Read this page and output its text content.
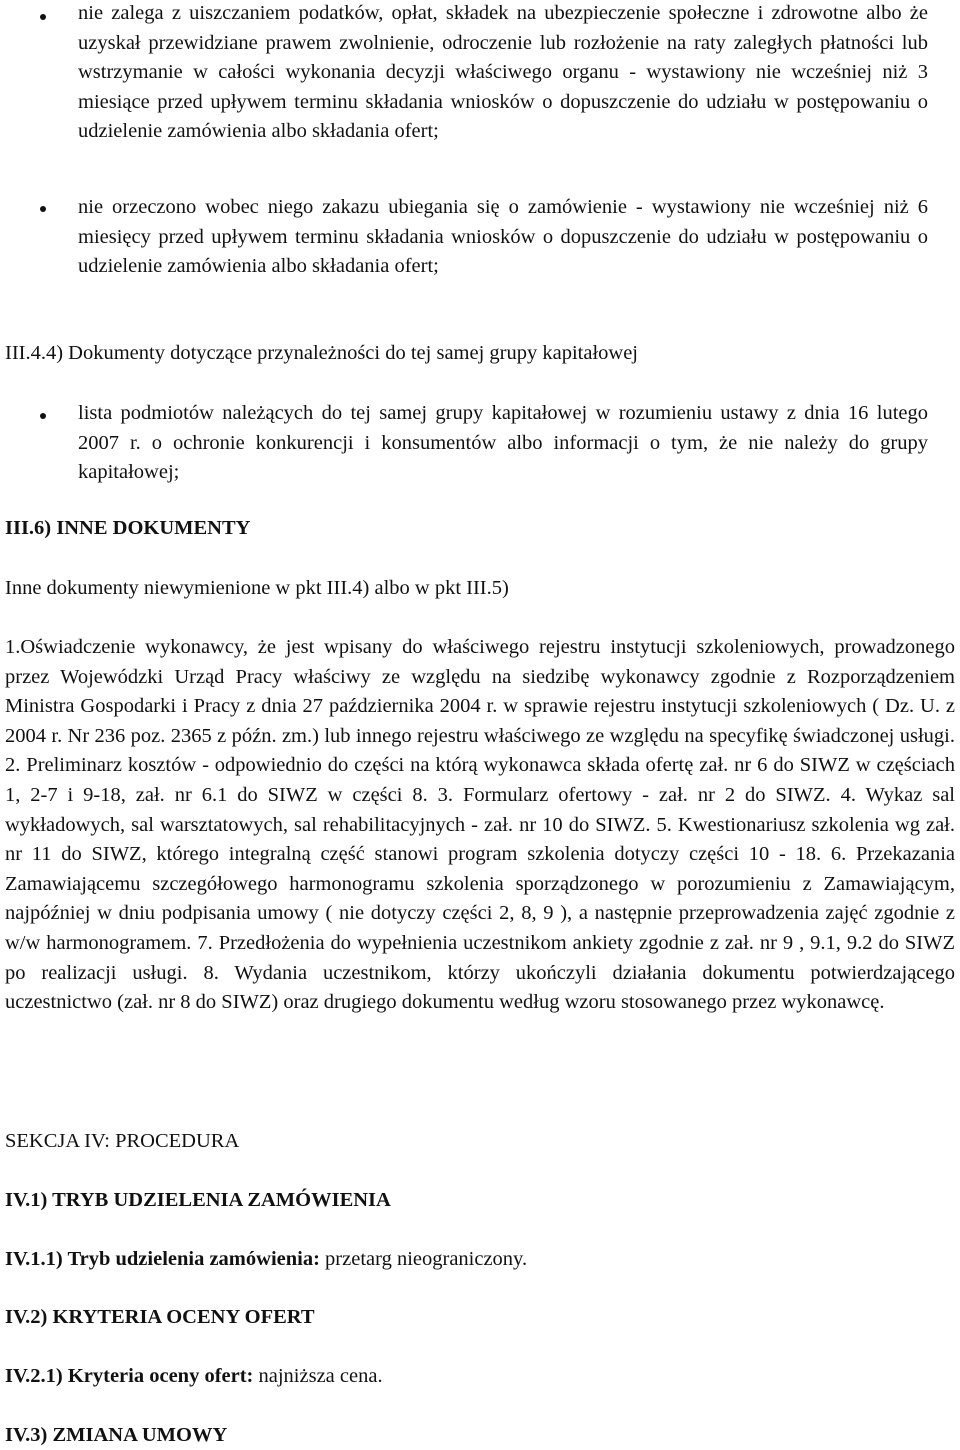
nie zalega z uiszczaniem podatków, opłat, składek na ubezpieczenie społeczne i zdrowotne albo że uzyskał przewidziane prawem zwolnienie, odroczenie lub rozłożenie na raty zaległych płatności lub wstrzymanie w całości wykonania decyzji właściwego organu - wystawiony nie wcześniej niż 3 miesiące przed upływem terminu składania wniosków o dopuszczenie do udziału w postępowaniu o udzielenie zamówienia albo składania ofert;
nie orzeczono wobec niego zakazu ubiegania się o zamówienie - wystawiony nie wcześniej niż 6 miesięcy przed upływem terminu składania wniosków o dopuszczenie do udziału w postępowaniu o udzielenie zamówienia albo składania ofert;
III.4.4) Dokumenty dotyczące przynależności do tej samej grupy kapitałowej
lista podmiotów należących do tej samej grupy kapitałowej w rozumieniu ustawy z dnia 16 lutego 2007 r. o ochronie konkurencji i konsumentów albo informacji o tym, że nie należy do grupy kapitałowej;
III.6) INNE DOKUMENTY
Inne dokumenty niewymienione w pkt III.4) albo w pkt III.5)
1.Oświadczenie wykonawcy, że jest wpisany do właściwego rejestru instytucji szkoleniowych, prowadzonego przez Wojewódzki Urząd Pracy właściwy ze względu na siedzibę wykonawcy zgodnie z Rozporządzeniem Ministra Gospodarki i Pracy z dnia 27 października 2004 r. w sprawie rejestru instytucji szkoleniowych ( Dz. U. z 2004 r. Nr 236 poz. 2365 z późn. zm.) lub innego rejestru właściwego ze względu na specyfikę świadczonej usługi. 2. Preliminarz kosztów - odpowiednio do części na którą wykonawca składa ofertę zał. nr 6 do SIWZ w częściach 1, 2-7 i 9-18, zał. nr 6.1 do SIWZ w części 8. 3. Formularz ofertowy - zał. nr 2 do SIWZ. 4. Wykaz sal wykładowych, sal warsztatowych, sal rehabilitacyjnych - zał. nr 10 do SIWZ. 5. Kwestionariusz szkolenia wg zał. nr 11 do SIWZ, którego integralną część stanowi program szkolenia dotyczy części 10 - 18. 6. Przekazania Zamawiającemu szczegółowego harmonogramu szkolenia sporządzonego w porozumieniu z Zamawiającym, najpóźniej w dniu podpisania umowy ( nie dotyczy części 2, 8, 9 ), a następnie przeprowadzenia zajęć zgodnie z w/w harmonogramem. 7. Przedłożenia do wypełnienia uczestnikom ankiety zgodnie z zał. nr 9 , 9.1, 9.2 do SIWZ po realizacji usługi. 8. Wydania uczestnikom, którzy ukończyli działania dokumentu potwierdzającego uczestnictwo (zał. nr 8 do SIWZ) oraz drugiego dokumentu według wzoru stosowanego przez wykonawcę.
SEKCJA IV: PROCEDURA
IV.1) TRYB UDZIELENIA ZAMÓWIENIA
IV.1.1) Tryb udzielenia zamówienia: przetarg nieograniczony.
IV.2) KRYTERIA OCENY OFERT
IV.2.1) Kryteria oceny ofert: najniższa cena.
IV.3) ZMIANA UMOWY
